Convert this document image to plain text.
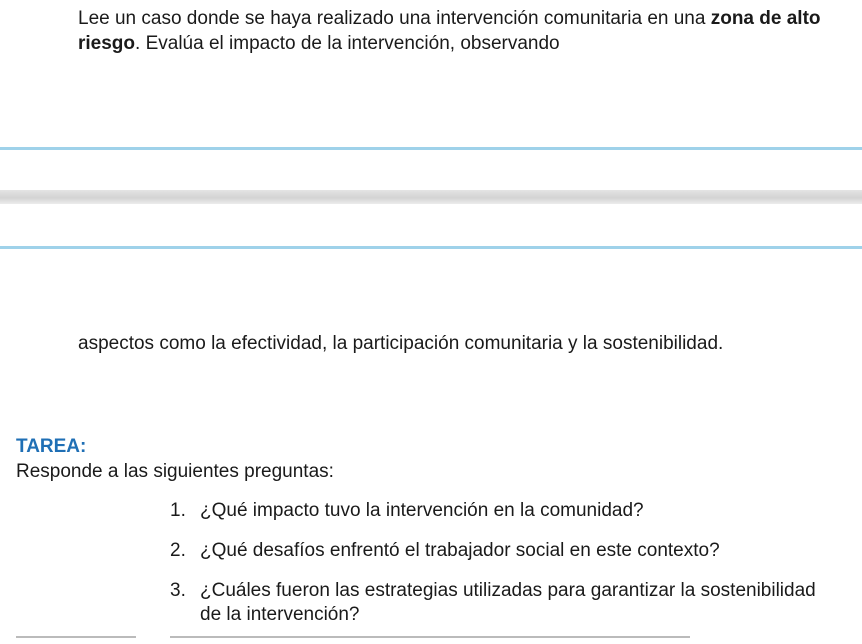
Lee un caso donde se haya realizado una intervención comunitaria en una zona de alto riesgo. Evalúa el impacto de la intervención, observando
aspectos como la efectividad, la participación comunitaria y la sostenibilidad.
TAREA:
Responde a las siguientes preguntas:
1. ¿Qué impacto tuvo la intervención en la comunidad?
2. ¿Qué desafíos enfrentó el trabajador social en este contexto?
3. ¿Cuáles fueron las estrategias utilizadas para garantizar la sostenibilidad de la intervención?
